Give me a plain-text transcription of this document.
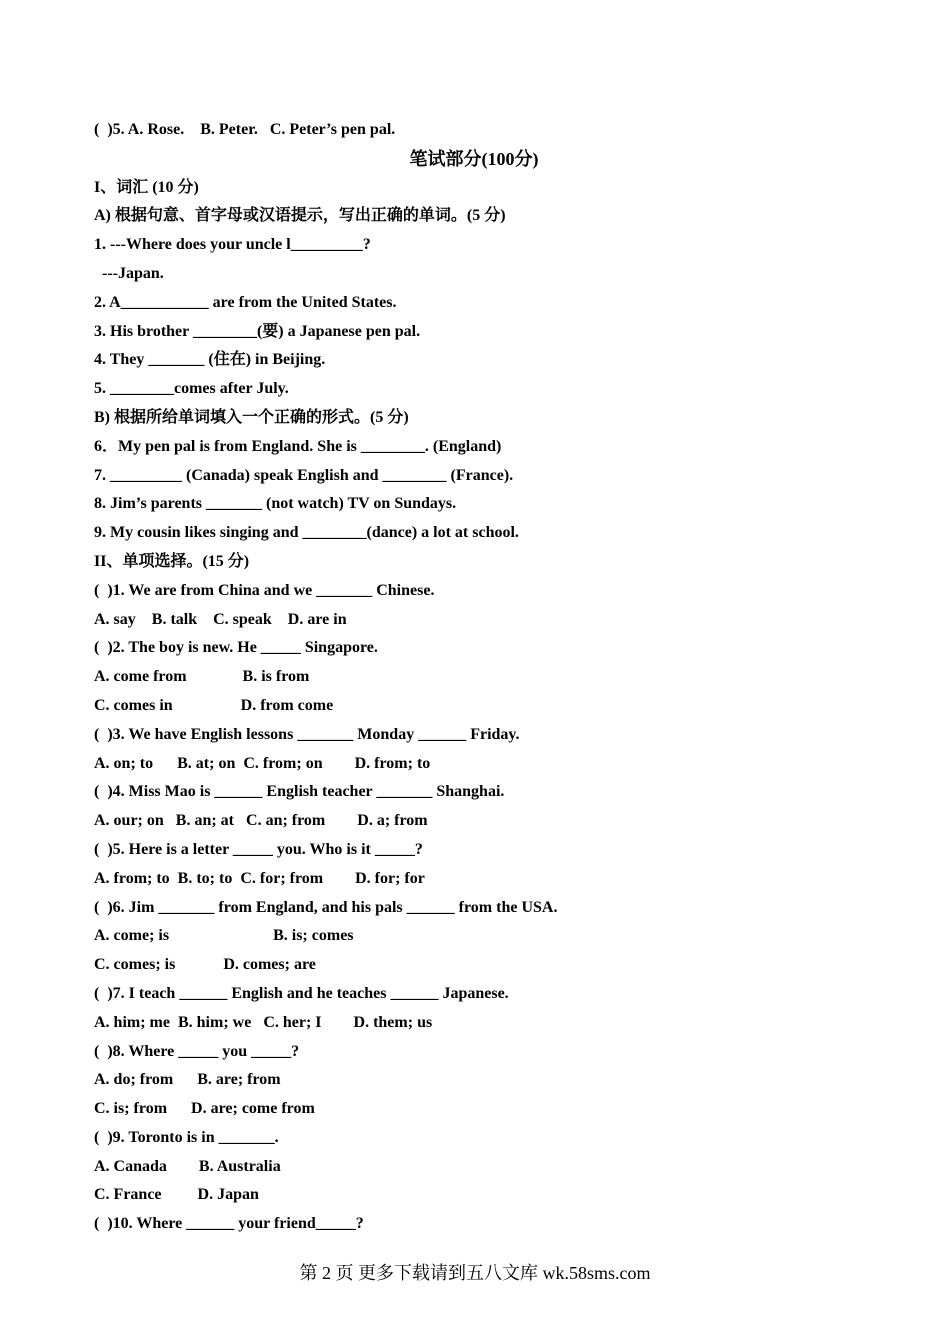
(  )5. A. Rose.    B. Peter.   C. Peter’s pen pal.
笔试部分(100分)
I、词汇 (10 分)
A) 根据句意、首字母或汉语提示，写出正确的单词。(5 分)
1. ---Where does your uncle l_________?
---Japan.
2. A___________ are from the United States.
3. His brother ________(要) a Japanese pen pal.
4. They _______ (住在) in Beijing.
5. ________comes after July.
B) 根据所给单词填入一个正确的形式。(5 分)
6．My pen pal is from England. She is ________. (England)
7. _________ (Canada) speak English and ________ (France).
8. Jim’s parents _______ (not watch) TV on Sundays.
9. My cousin likes singing and ________(dance) a lot at school.
II、单项选择。(15 分)
(  )1. We are from China and we _______ Chinese.
A. say    B. talk    C. speak    D. are in
(  )2. The boy is new. He _____ Singapore.
A. come from              B. is from
C. comes in                 D. from come
(  )3. We have English lessons _______ Monday ______ Friday.
A. on; to      B. at; on  C. from; on        D. from; to
(  )4. Miss Mao is ______ English teacher _______ Shanghai.
A. our; on   B. an; at   C. an; from        D. a; from
(  )5. Here is a letter _____ you. Who is it _____?
A. from; to  B. to; to  C. for; from        D. for; for
(  )6. Jim _______ from England, and his pals ______ from the USA.
A. come; is                          B. is; comes
C. comes; is            D. comes; are
(  )7. I teach ______ English and he teaches ______ Japanese.
A. him; me  B. him; we   C. her; I        D. them; us
(  )8. Where _____ you _____?
A. do; from      B. are; from
C. is; from      D. are; come from
(  )9. Toronto is in _______.
A. Canada        B. Australia
C. France         D. Japan
(  )10. Where ______ your friend_____?
第 2 页 更多下载请到五八文库 wk.58sms.com
